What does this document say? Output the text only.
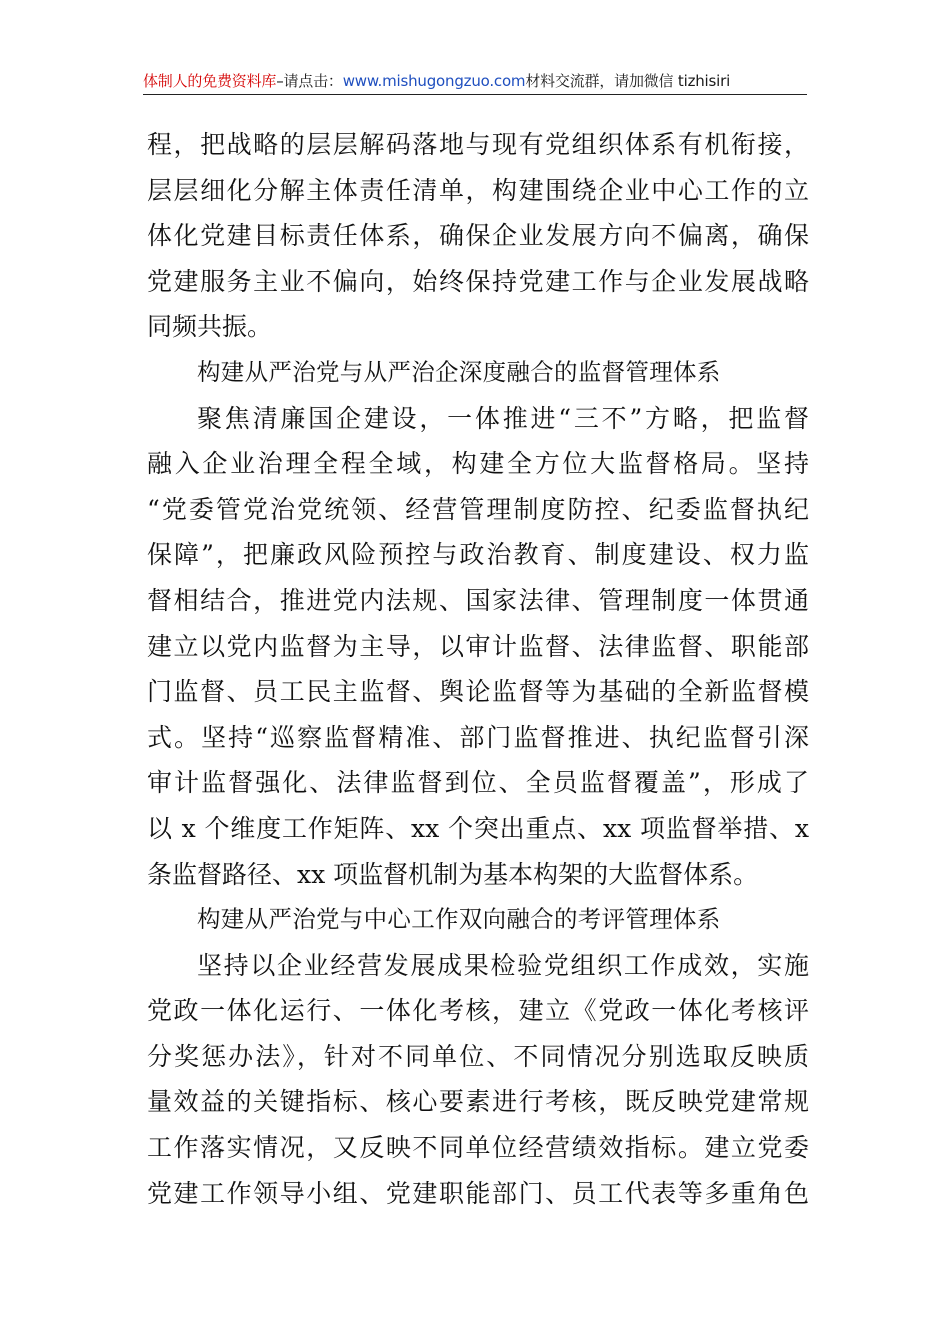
体制人的免费资料库–请点击：www.mishugongzuo.com材料交流群，请加微信 tizhisiri
程，把战略的层层解码落地与现有党组织体系有机衔接，
层层细化分解主体责任清单，构建围绕企业中心工作的立
体化党建目标责任体系，确保企业发展方向不偏离，确保
党建服务主业不偏向，始终保持党建工作与企业发展战略
同频共振。
构建从严治党与从严治企深度融合的监督管理体系
聚焦清廉国企建设，一体推进“三不”方略，把监督
融入企业治理全程全域，构建全方位大监督格局。坚持
“党委管党治党统领、经营管理制度防控、纪委监督执纪
保障”，把廉政风险预控与政治教育、制度建设、权力监
督相结合，推进党内法规、国家法律、管理制度一体贯通
建立以党内监督为主导，以审计监督、法律监督、职能部
门监督、员工民主监督、舆论监督等为基础的全新监督模
式。坚持“巡察监督精准、部门监督推进、执纪监督引深
审计监督强化、法律监督到位、全员监督覆盖”，形成了
以 x 个维度工作矩阵、xx 个突出重点、xx 项监督举措、x
条监督路径、xx 项监督机制为基本构架的大监督体系。
构建从严治党与中心工作双向融合的考评管理体系
坚持以企业经营发展成果检验党组织工作成效，实施
党政一体化运行、一体化考核，建立《党政一体化考核评
分奖惩办法》，针对不同单位、不同情况分别选取反映质
量效益的关键指标、核心要素进行考核，既反映党建常规
工作落实情况，又反映不同单位经营绩效指标。建立党委
党建工作领导小组、党建职能部门、员工代表等多重角色
